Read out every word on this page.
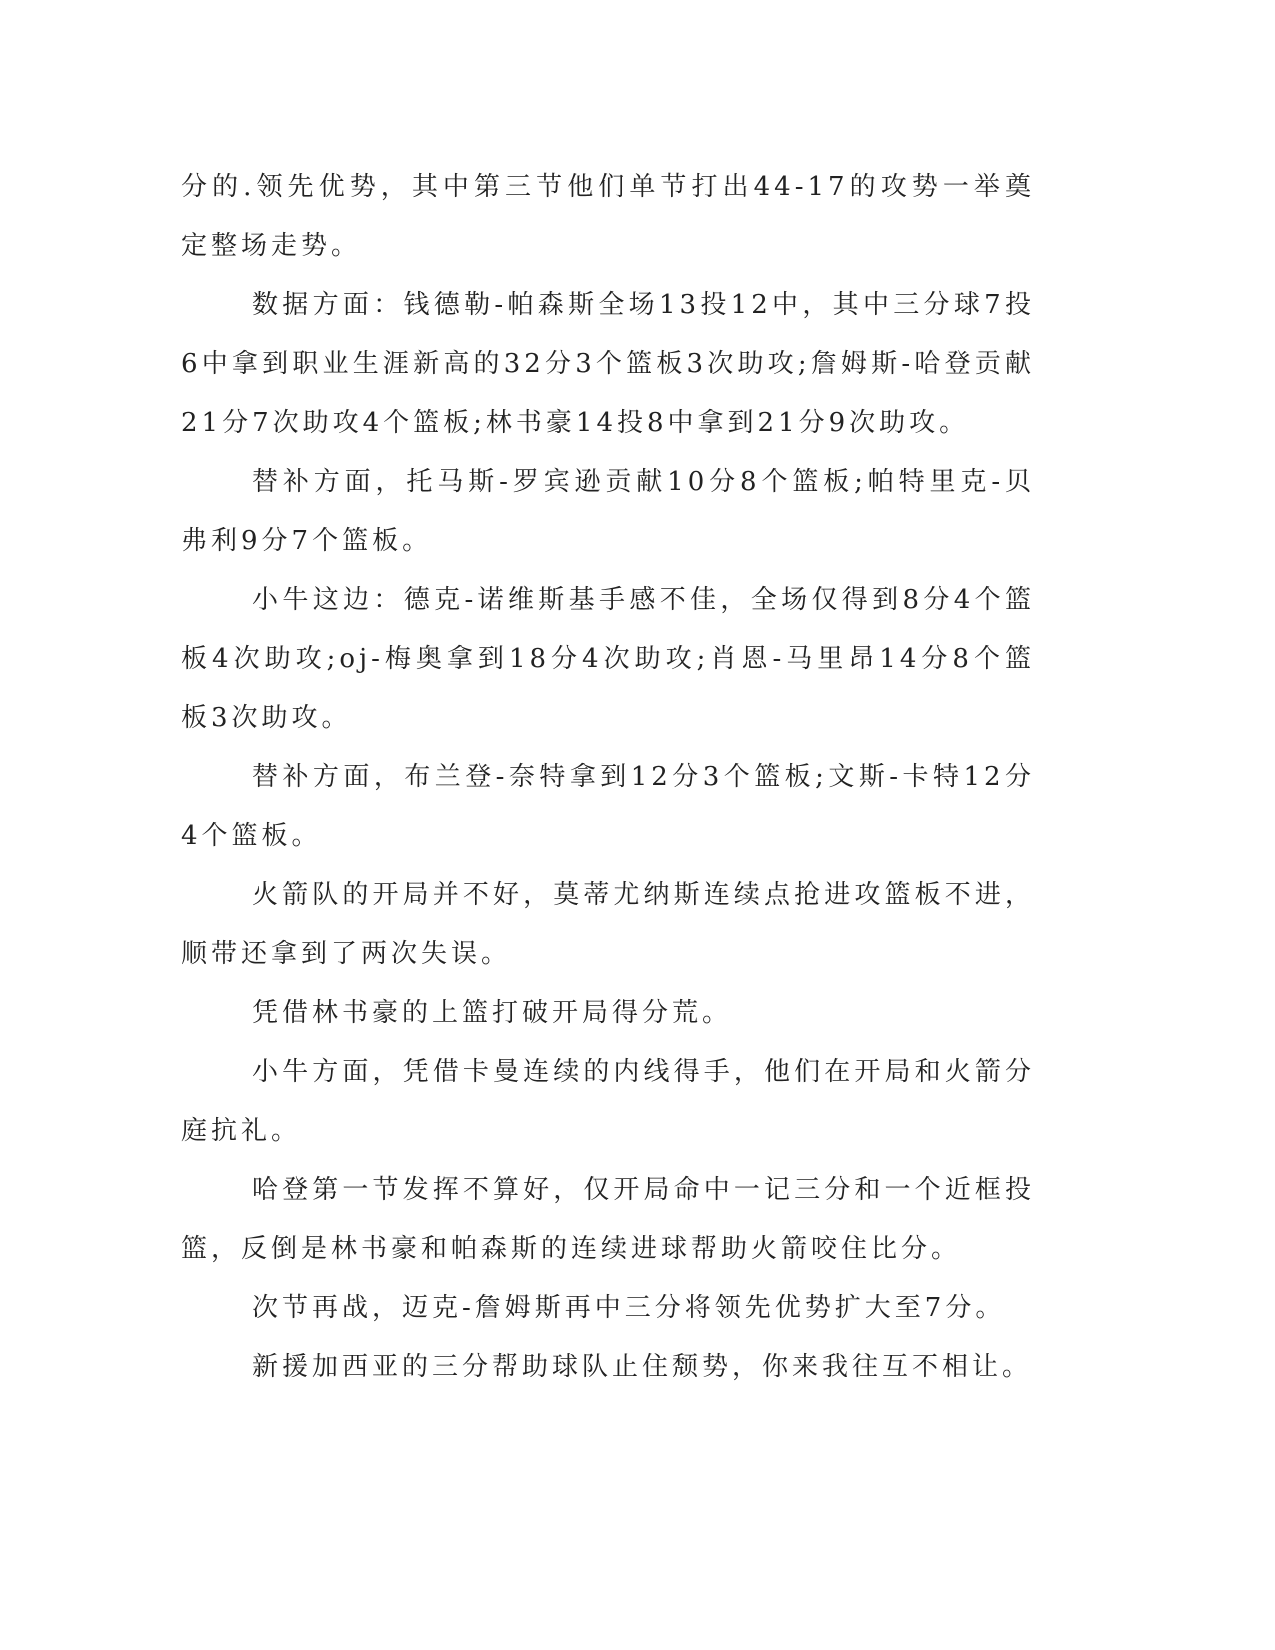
分的.领先优势，其中第三节他们单节打出44-17的攻势一举奠定整场走势。

数据方面：钱德勒-帕森斯全场13投12中，其中三分球7投6中拿到职业生涯新高的32分3个篮板3次助攻;詹姆斯-哈登贡献21分7次助攻4个篮板;林书豪14投8中拿到21分9次助攻。

替补方面，托马斯-罗宾逊贡献10分8个篮板;帕特里克-贝弗利9分7个篮板。

小牛这边：德克-诺维斯基手感不佳，全场仅得到8分4个篮板4次助攻;oj-梅奥拿到18分4次助攻;肖恩-马里昂14分8个篮板3次助攻。

替补方面，布兰登-奈特拿到12分3个篮板;文斯-卡特12分4个篮板。

火箭队的开局并不好，莫蒂尤纳斯连续点抢进攻篮板不进，顺带还拿到了两次失误。

凭借林书豪的上篮打破开局得分荒。

小牛方面，凭借卡曼连续的内线得手，他们在开局和火箭分庭抗礼。

哈登第一节发挥不算好，仅开局命中一记三分和一个近框投篮，反倒是林书豪和帕森斯的连续进球帮助火箭咬住比分。

次节再战，迈克-詹姆斯再中三分将领先优势扩大至7分。

新援加西亚的三分帮助球队止住颓势，你来我往互不相让。
